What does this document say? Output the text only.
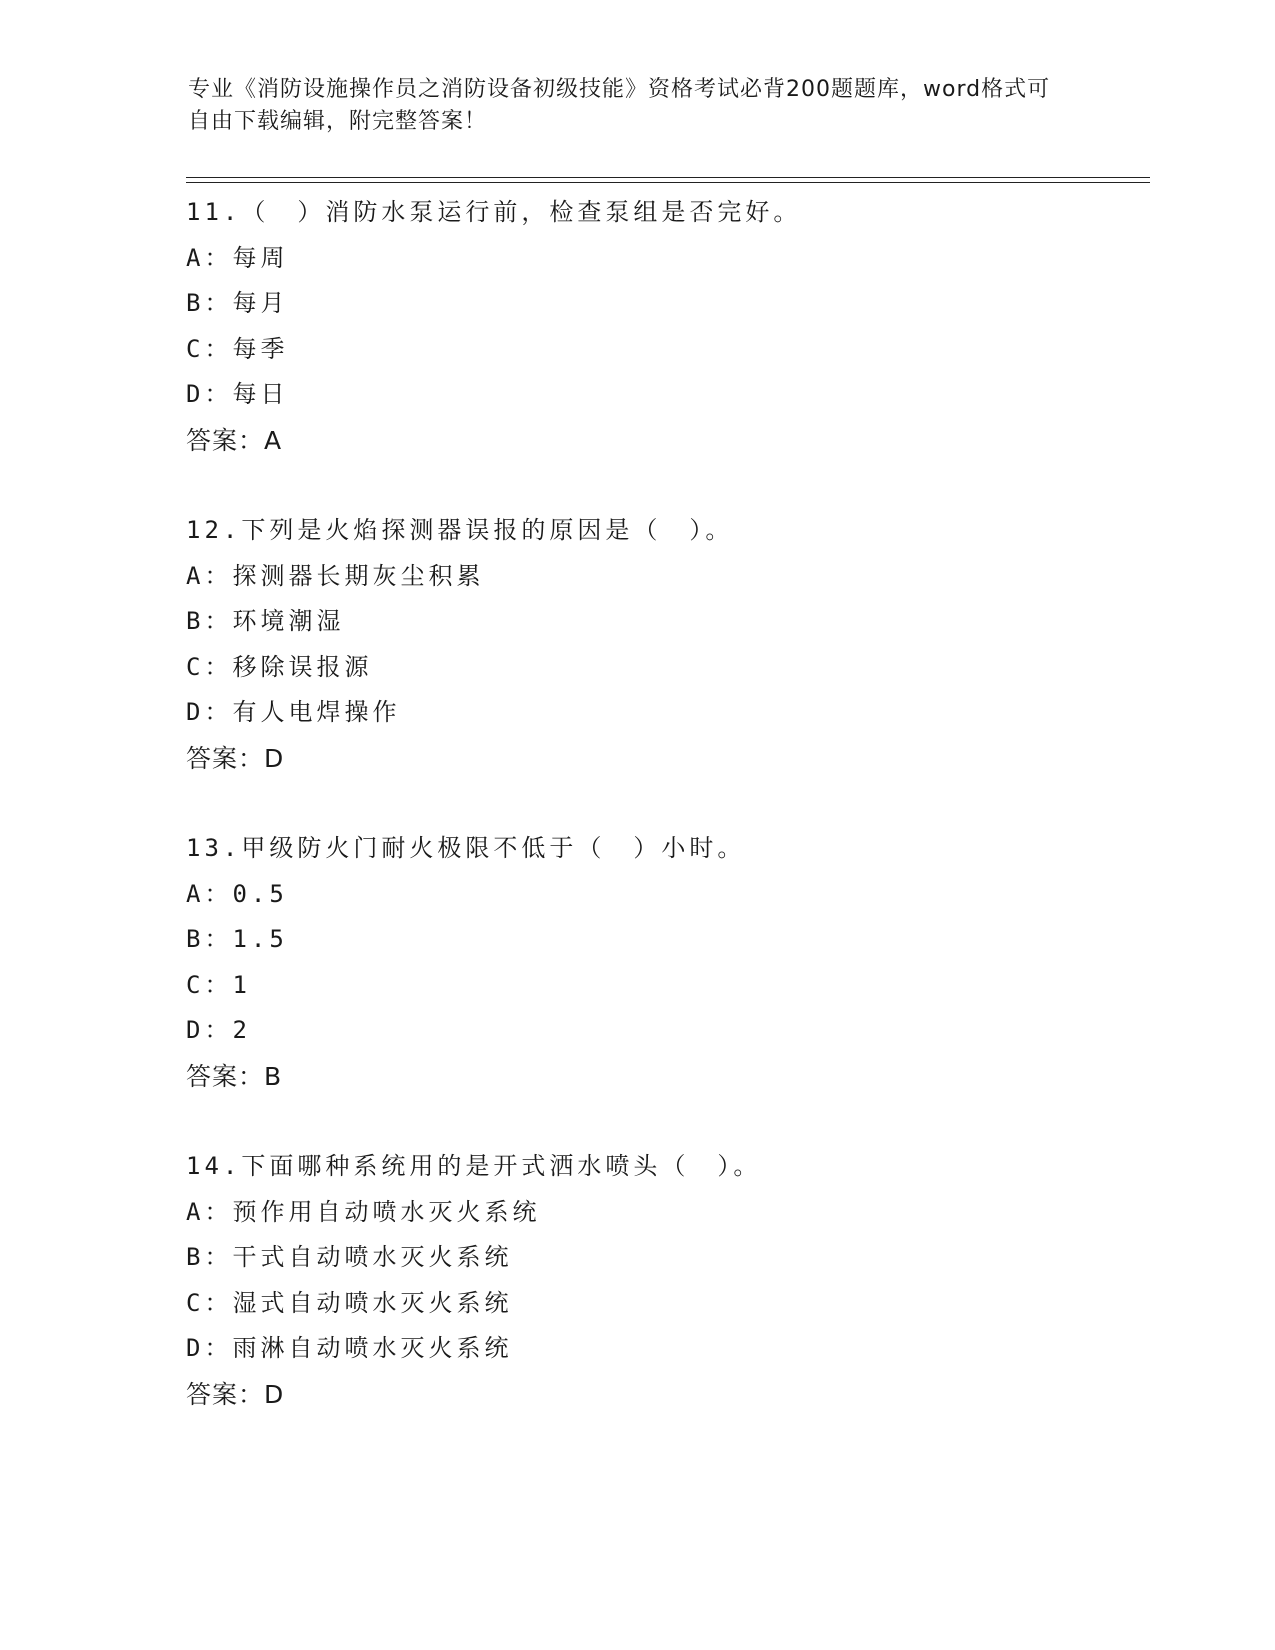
专业《消防设施操作员之消防设备初级技能》资格考试必背200题题库，word格式可自由下载编辑，附完整答案！

11.（　）消防水泵运行前，检查泵组是否完好。
A：每周
B：每月
C：每季
D：每日
答案：A
12.下列是火焰探测器误报的原因是（　）。
A：探测器长期灰尘积累
B：环境潮湿
C：移除误报源
D：有人电焊操作
答案：D
13.甲级防火门耐火极限不低于（　）小时。
A：0.5
B：1.5
C：1
D：2
答案：B
14.下面哪种系统用的是开式洒水喷头（　）。
A：预作用自动喷水灭火系统
B：干式自动喷水灭火系统
C：湿式自动喷水灭火系统
D：雨淋自动喷水灭火系统
答案：D
